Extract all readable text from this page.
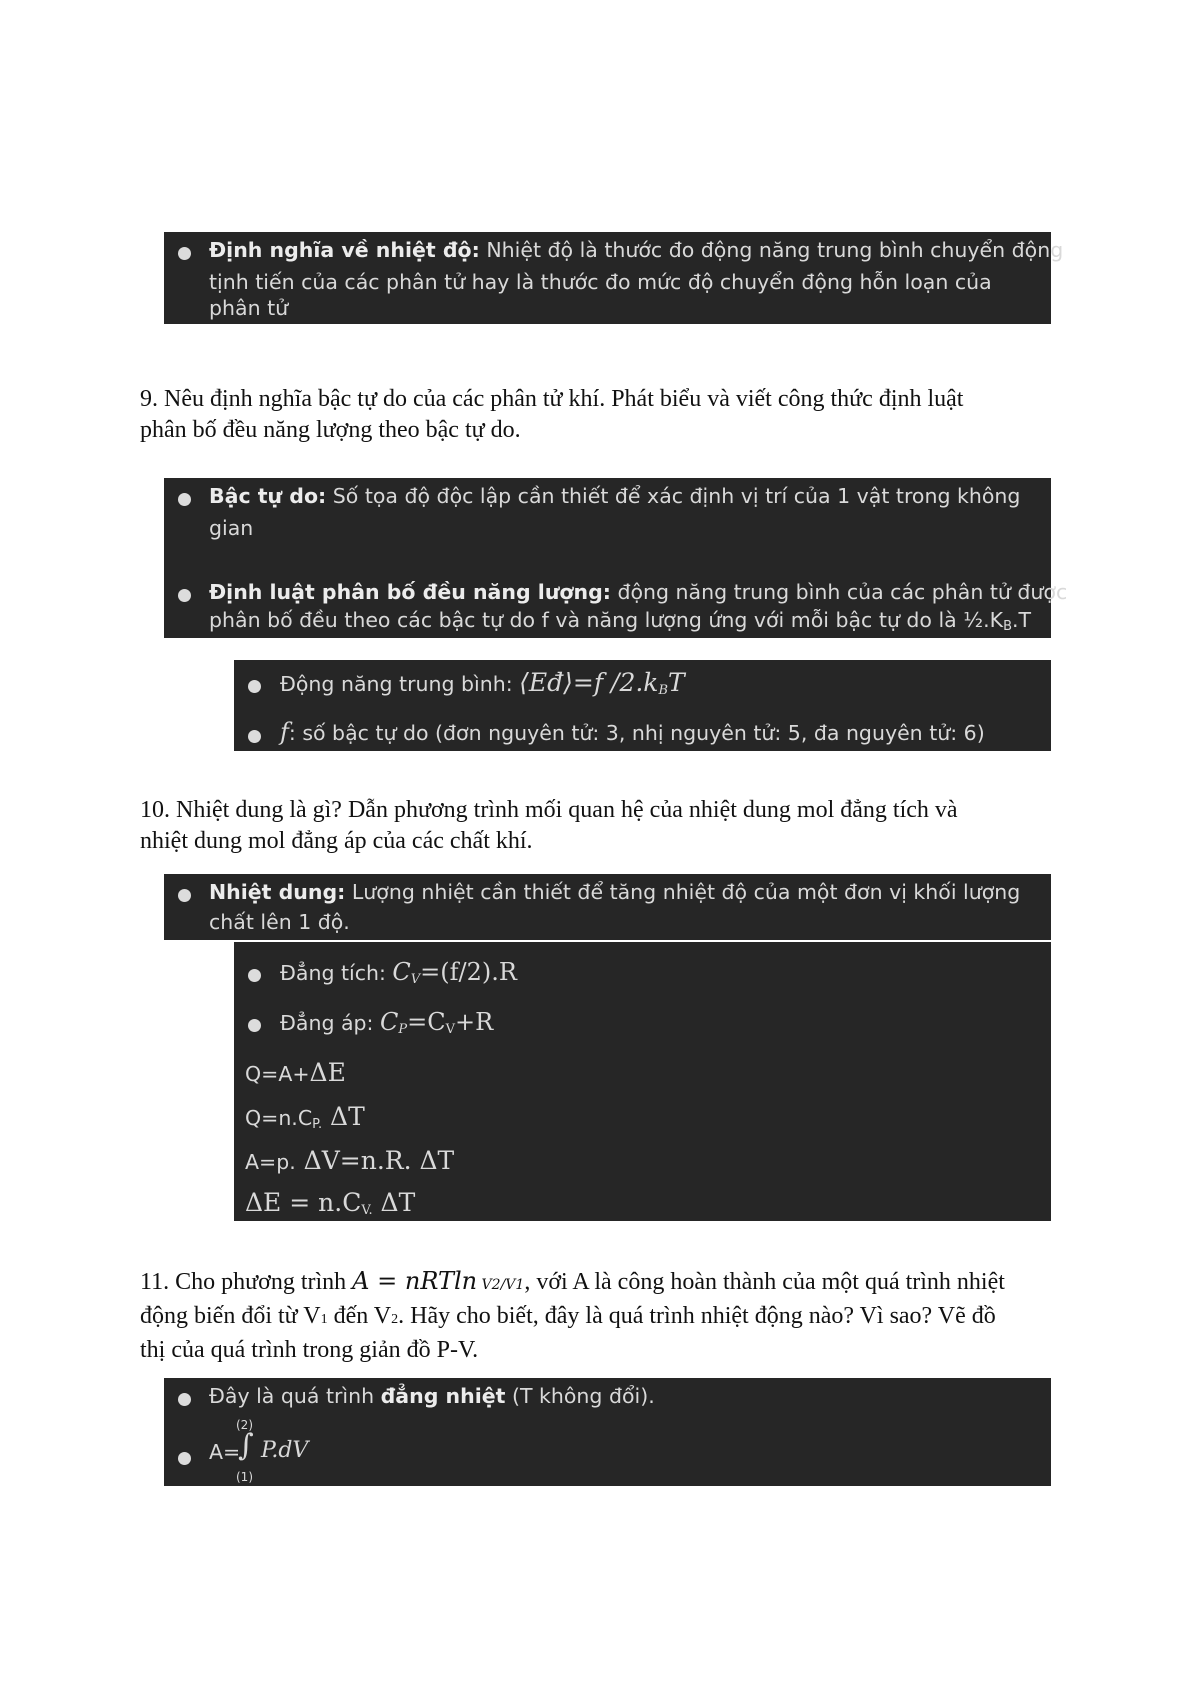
Định nghĩa về nhiệt độ: Nhiệt độ là thước đo động năng trung bình chuyển động
tịnh tiến của các phân tử hay là thước đo mức độ chuyển động hỗn loạn của
phân tử

9. Nêu định nghĩa bậc tự do của các phân tử khí. Phát biểu và viết công thức định luật

phân bố đều năng lượng theo bậc tự do.

Bậc tự do: Số tọa độ độc lập cần thiết để xác định vị trí của 1 vật trong không
gian
Định luật phân bố đều năng lượng: động năng trung bình của các phân tử được
phân bố đều theo các bậc tự do f và năng lượng ứng với mỗi bậc tự do là $\frac{1}{2}.K_B.T$
Động năng trung bình: ⟨Eđ⟩=f $/2.k_BT$
f: số bậc tự do (đơn nguyên tử: 3, nhị nguyên tử: 5, đa nguyên tử: 6)

10. Nhiệt dung là gì? Dẫn phương trình mối quan hệ của nhiệt dung mol đẳng tích và

nhiệt dung mol đẳng áp của các chất khí.

Nhiệt dung: Lượng nhiệt cần thiết để tăng nhiệt độ của một đơn vị khối lượng
chất lên 1 độ.
Đẳng tích: $C_V=(f/2).R$
Đẳng áp: $C_P=C_V+R$
Q=A+ΔE
$Q=n.C_{P.}$ ΔT
A=p. ΔV=n.R. ΔT
$\Delta E = n.C_{V.}$ ΔT

11. Cho phương trình A = nRTln V2/V1, với A là công hoàn thành của một quá trình nhiệt

động biến đổi từ V1 đến V2. Hãy cho biết, đây là quá trình nhiệt động nào? Vì sao? Vẽ đồ

thị của quá trình trong giản đồ P-V.

Đây là quá trình đẳng nhiệt (T không đổi).
A=
(2)
∫
(1)
P.dV
